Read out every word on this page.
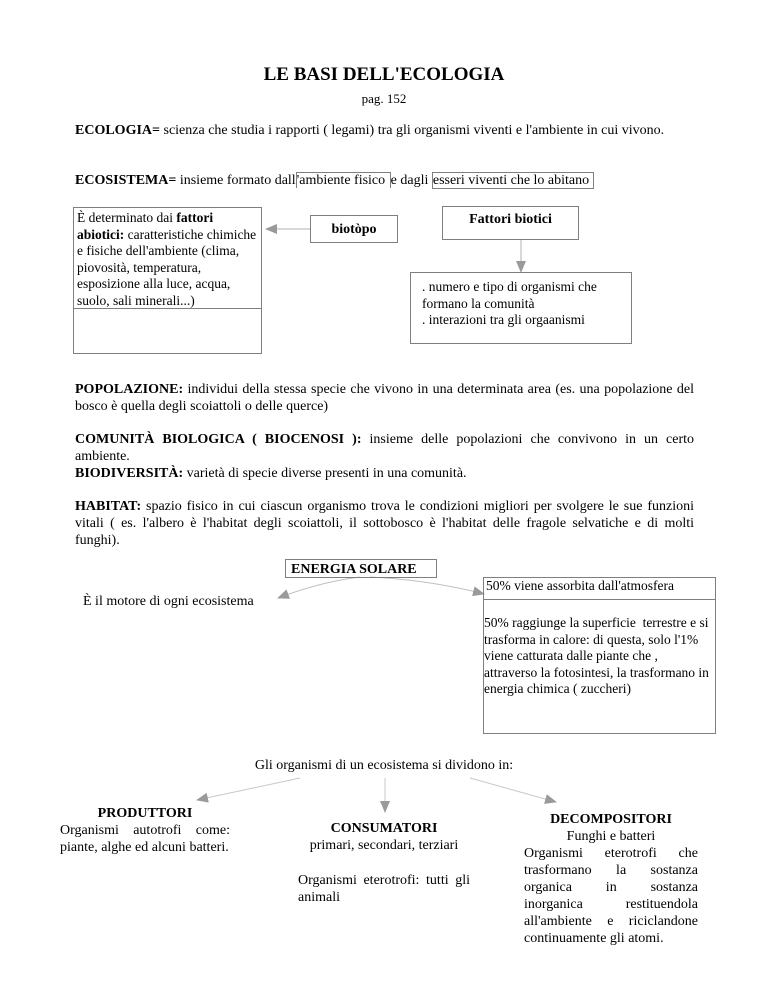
LE BASI DELL'ECOLOGIA
pag. 152
ECOLOGIA= scienza che studia i rapporti ( legami) tra gli organismi viventi e l'ambiente in cui vivono.
ECOSISTEMA= insieme formato dall'ambiente fisico e dagli esseri viventi che lo abitano
È determinato dai fattori abiotici: caratteristiche chimiche e fisiche dell'ambiente (clima, piovosità, temperatura, esposizione alla luce, acqua, suolo, sali minerali...)
biotòpo
Fattori biotici
. numero e tipo di organismi che
formano la comunità
. interazioni tra gli orgaanismi
POPOLAZIONE: individui della stessa specie che vivono in una determinata area (es. una popolazione del bosco è quella degli scoiattoli o delle querce)
COMUNITÀ BIOLOGICA ( BIOCENOSI ): insieme delle popolazioni che convivono in un certo ambiente.
BIODIVERSITÀ: varietà di specie diverse presenti in una comunità.
HABITAT: spazio fisico in cui ciascun organismo trova le condizioni migliori per svolgere le sue funzioni vitali ( es. l'albero è l'habitat degli scoiattoli, il sottobosco è l'habitat delle fragole selvatiche e di molti funghi).
ENERGIA SOLARE
È il motore di ogni ecosistema
50% viene assorbita dall'atmosfera
50% raggiunge la superficie  terrestre e si trasforma in calore: di questa, solo l'1% viene catturata dalle piante che , attraverso la fotosintesi, la trasformano in energia chimica ( zuccheri)
Gli organismi di un ecosistema si dividono in:
PRODUTTORI
Organismi autotrofi come: piante, alghe ed alcuni batteri.
CONSUMATORI
primari, secondari, terziari
Organismi eterotrofi: tutti gli animali
DECOMPOSITORI
Funghi e batteri
Organismi eterotrofi che trasformano la sostanza organica in sostanza inorganica restituendola all'ambiente e riciclandone continuamente gli atomi.
